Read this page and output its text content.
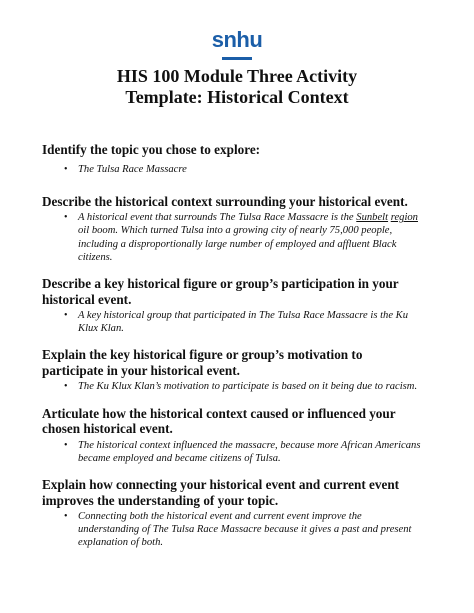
snhu
HIS 100 Module Three Activity
Template: Historical Context
Identify the topic you chose to explore:
• The Tulsa Race Massacre
Describe the historical context surrounding your historical event.
• A historical event that surrounds The Tulsa Race Massacre is the Sunbelt region oil boom. Which turned Tulsa into a growing city of nearly 75,000 people, including a disproportionally large number of employed and affluent Black citizens.
Describe a key historical figure or group’s participation in your historical event.
• A key historical group that participated in The Tulsa Race Massacre is the Ku Klux Klan.
Explain the key historical figure or group’s motivation to participate in your historical event.
• The Ku Klux Klan’s motivation to participate is based on it being due to racism.
Articulate how the historical context caused or influenced your chosen historical event.
• The historical context influenced the massacre, because more African Americans became employed and became citizens of Tulsa.
Explain how connecting your historical event and current event improves the understanding of your topic.
• Connecting both the historical event and current event improve the understanding of The Tulsa Race Massacre because it gives a past and present explanation of both.
